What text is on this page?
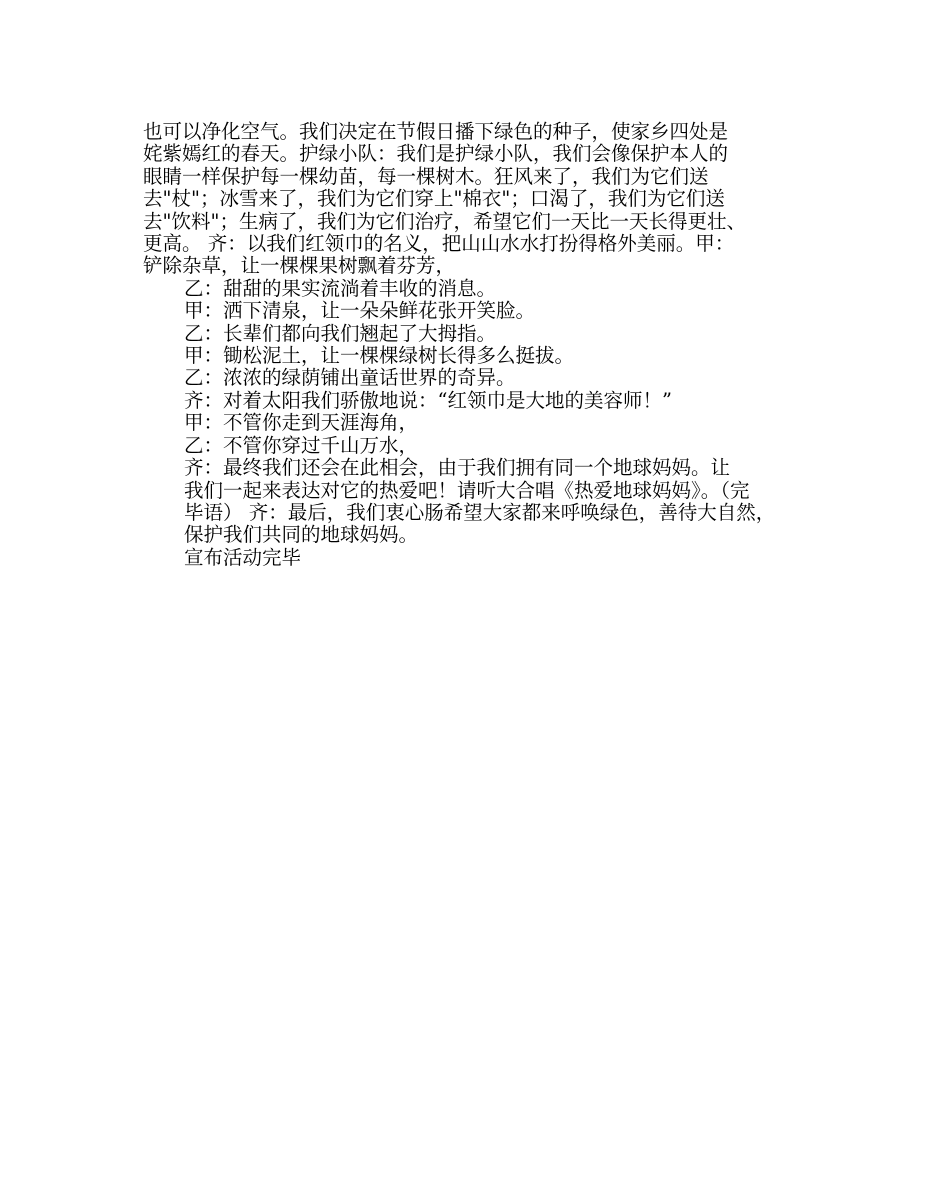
也可以净化空气。我们决定在节假日播下绿色的种子，使家乡四处是
姹紫嫣红的春天。护绿小队：我们是护绿小队，我们会像保护本人的
眼睛一样保护每一棵幼苗，每一棵树木。狂风来了，我们为它们送
去"杖"；冰雪来了，我们为它们穿上"棉衣"；口渴了，我们为它们送
去"饮料"；生病了，我们为它们治疗，希望它们一天比一天长得更壮、
更高。 齐：以我们红领巾的名义，把山山水水打扮得格外美丽。甲：
铲除杂草，让一棵棵果树飘着芬芳，
乙：甜甜的果实流淌着丰收的消息。
甲：洒下清泉，让一朵朵鲜花张开笑脸。
乙：长辈们都向我们翘起了大拇指。
甲：锄松泥土，让一棵棵绿树长得多么挺拔。
乙：浓浓的绿荫铺出童话世界的奇异。
齐：对着太阳我们骄傲地说：“红领巾是大地的美容师！”
甲：不管你走到天涯海角，
乙：不管你穿过千山万水，
齐：最终我们还会在此相会，由于我们拥有同一个地球妈妈。让
我们一起来表达对它的热爱吧！请听大合唱《热爱地球妈妈》。（完
毕语） 齐：最后，我们衷心肠希望大家都来呼唤绿色，善待大自然，
保护我们共同的地球妈妈。
宣布活动完毕
